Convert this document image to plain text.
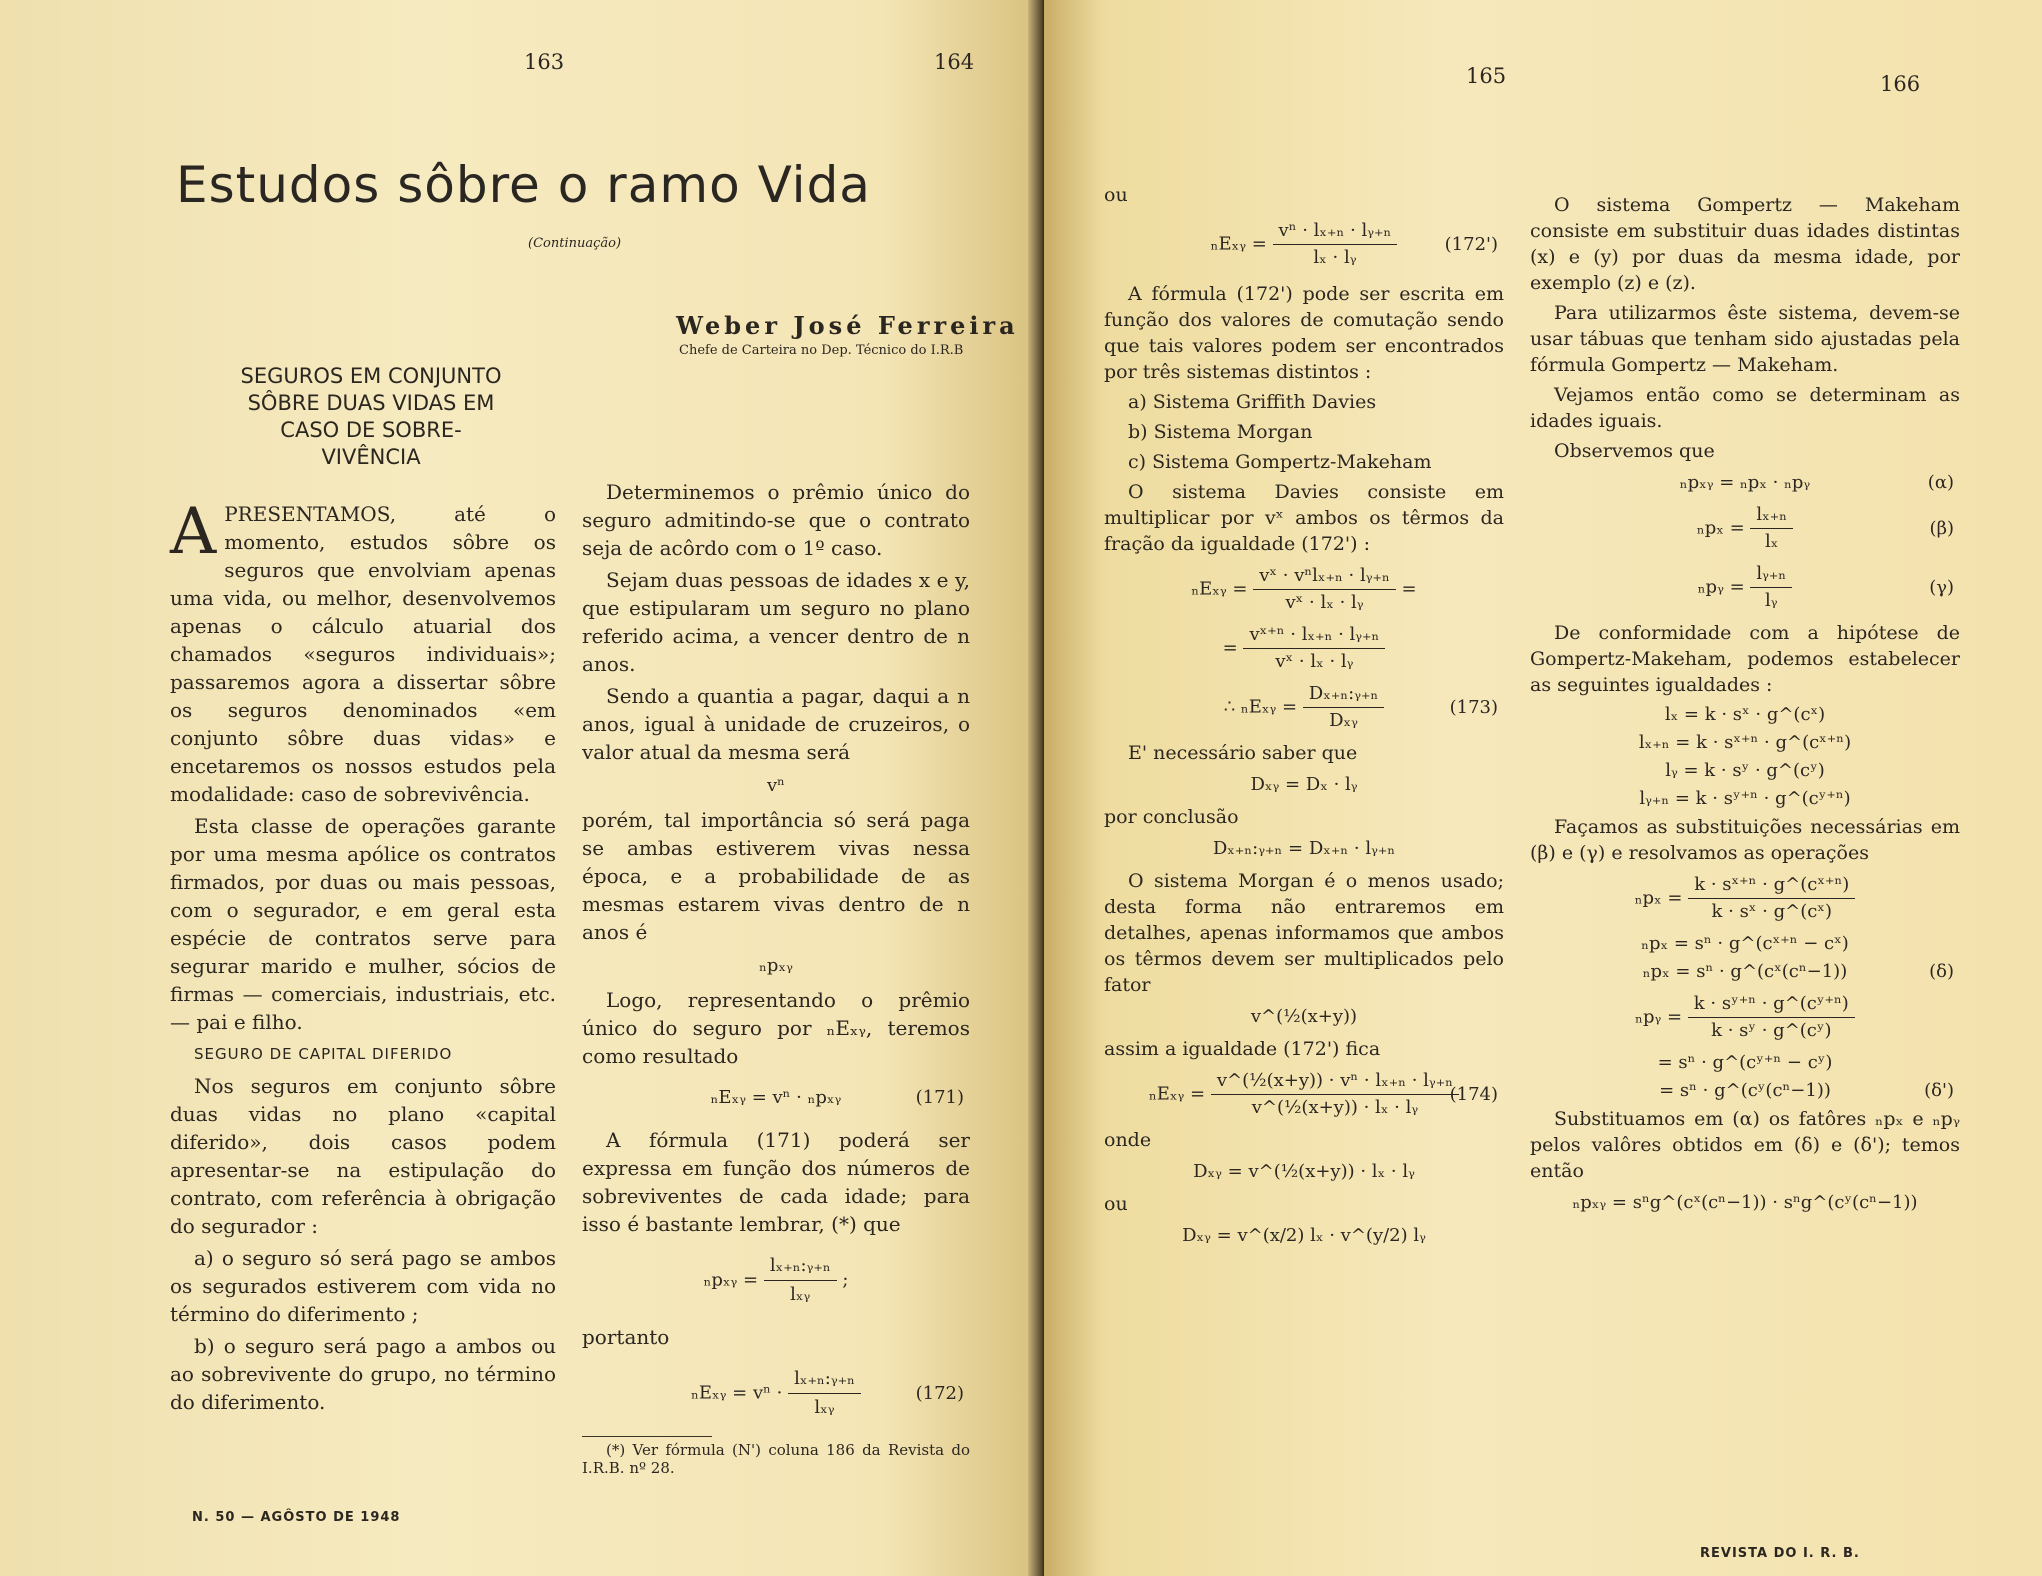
163	164
Estudos sôbre o ramo Vida
(Continuação)
Weber José Ferreira
Chefe de Carteira no Dep. Técnico do I.R.B
SEGUROS EM CONJUNTO
SÔBRE DUAS VIDAS EM
CASO DE SOBRE-
VIVÊNCIA

A PRESENTAMOS, até o momento, estudos sôbre os seguros que envolviam apenas uma vida, ou melhor, desenvolvemos apenas o cálculo atuarial dos chamados «seguros individuais»; passaremos agora a dissertar sôbre os seguros denominados «em conjunto sôbre duas vidas» e encetaremos os nossos estudos pela modalidade: caso de sobrevivência.

Esta classe de operações garante por uma mesma apólice os contratos firmados, por duas ou mais pessoas, com o segurador, e em geral esta espécie de contratos serve para segurar marido e mulher, sócios de firmas — comerciais, industriais, etc. — pai e filho.

SEGURO DE CAPITAL DIFERIDO

Nos seguros em conjunto sôbre duas vidas no plano «capital diferido», dois casos podem apresentar-se na estipulação do contrato, com referência à obrigação do segurador :

a) o seguro só será pago se ambos os segurados estiverem com vida no término do diferimento ;

b) o seguro será pago a ambos ou ao sobrevivente do grupo, no término do diferimento.

Determinemos o prêmio único do seguro admitindo-se que o contrato seja de acôrdo com o 1º caso.

Sejam duas pessoas de idades x e y, que estipularam um seguro no plano referido acima, a vencer dentro de n anos.

Sendo a quantia a pagar, daqui a n anos, igual à unidade de cruzeiros, o valor atual da mesma será

vⁿ

porém, tal importância só será paga se ambas estiverem vivas nessa época, e a probabilidade de as mesmas estarem vivas dentro de n anos é

ₙpₓᵧ

Logo, representando o prêmio único do seguro por ₙEₓᵧ, teremos como resultado

ₙEₓᵧ = vⁿ · ₙpₓᵧ	(171)

A fórmula (171) poderá ser expressa em função dos números de sobreviventes de cada idade; para isso é bastante lembrar, (*) que

ₙpₓᵧ = $\frac{\text{lₓ₊ₙ:ᵧ₊ₙ}}{\text{lₓᵧ}}$ ;

portanto

ₙEₓᵧ = $v^n \cdot \frac{\text{lₓ₊ₙ:ᵧ₊ₙ}}{\text{lₓᵧ}}$	(172)

(*) Ver fórmula (N') coluna 186 da Revista do I.R.B. nº 28.

N. 50 — AGÔSTO DE 1948
165	166

ou

ₙEₓᵧ = $\frac{\text{vⁿ · lₓ₊ₙ · lᵧ₊ₙ}}{\text{lₓ · lᵧ}}$	(172')

A fórmula (172') pode ser escrita em função dos valores de comutação sendo que tais valores podem ser encontrados por três sistemas distintos :

a) Sistema Griffith Davies

b) Sistema Morgan

c) Sistema Gompertz-Makeham

O sistema Davies consiste em multiplicar por vˣ ambos os têrmos da fração da igualdade (172') :

ₙEₓᵧ = $\frac{\text{vˣ · vⁿlₓ₊ₙ · lᵧ₊ₙ}}{\text{vˣ · lₓ · lᵧ}}$ =
= $\frac{\text{vˣ⁺ⁿ · lₓ₊ₙ · lᵧ₊ₙ}}{\text{vˣ · lₓ · lᵧ}}$
∴ ₙEₓᵧ = $\frac{\text{Dₓ₊ₙ:ᵧ₊ₙ}}{\text{Dₓᵧ}}$	(173)

E' necessário saber que

Dₓᵧ = Dₓ · lᵧ

por conclusão

Dₓ₊ₙ:ᵧ₊ₙ = Dₓ₊ₙ · lᵧ₊ₙ

O sistema Morgan é o menos usado; desta forma não entraremos em detalhes, apenas informamos que ambos os têrmos devem ser multiplicados pelo fator

v^(½(x+y))

assim a igualdade (172') fica

ₙEₓᵧ = $\frac{\text{v\textasciicircum{}(½(x+y)) · vⁿ · lₓ₊ₙ · lᵧ₊ₙ}}{\text{v\textasciicircum{}(½(x+y)) · lₓ · lᵧ}}$
(174)

onde

Dₓᵧ = v^(½(x+y)) · lₓ · lᵧ

ou

Dₓᵧ = v^(x/2) lₓ · v^(y/2) lᵧ

O sistema Gompertz — Makeham consiste em substituir duas idades distintas (x) e (y) por duas da mesma idade, por exemplo (z) e (z).

Para utilizarmos êste sistema, devem-se usar tábuas que tenham sido ajustadas pela fórmula Gompertz — Makeham.

Vejamos então como se determinam as idades iguais.

Observemos que

ₙpₓᵧ = ₙpₓ · ₙpᵧ	(α)
$_np_x = \frac{\text{lₓ₊ₙ}}{\text{lₓ}}$	(β)
ₙpᵧ = $\frac{\text{lᵧ₊ₙ}}{\text{lᵧ}}$	(γ)

De conformidade com a hipótese de Gompertz-Makeham, podemos estabelecer as seguintes igualdades :

lₓ = k · sˣ · g^(cˣ)
lₓ₊ₙ = k · sˣ⁺ⁿ · g^(cˣ⁺ⁿ)
lᵧ = k · sʸ · g^(cʸ)
lᵧ₊ₙ = k · sʸ⁺ⁿ · g^(cʸ⁺ⁿ)

Façamos as substituições necessárias em (β) e (γ) e resolvamos as operações

$_np_x = \frac{\text{k · sˣ⁺ⁿ · g\textasciicircum{}(cˣ⁺ⁿ)}}{\text{k · sˣ · g\textasciicircum{}(cˣ)}}$
ₙpₓ = sⁿ · g^(cˣ⁺ⁿ − cˣ)
ₙpₓ = sⁿ · g^(cˣ(cⁿ−1))	(δ)
ₙpᵧ = $\frac{\text{k · sʸ⁺ⁿ · g\textasciicircum{}(cʸ⁺ⁿ)}}{\text{k · sʸ · g\textasciicircum{}(cʸ)}}$
= sⁿ · g^(cʸ⁺ⁿ − cʸ)
= sⁿ · g^(cʸ(cⁿ−1))	(δ')

Substituamos em (α) os fatôres ₙpₓ e ₙpᵧ pelos valôres obtidos em (δ) e (δ'); temos então

ₙpₓᵧ = sⁿg^(cˣ(cⁿ−1)) · sⁿg^(cʸ(cⁿ−1))
REVISTA DO I. R. B.
